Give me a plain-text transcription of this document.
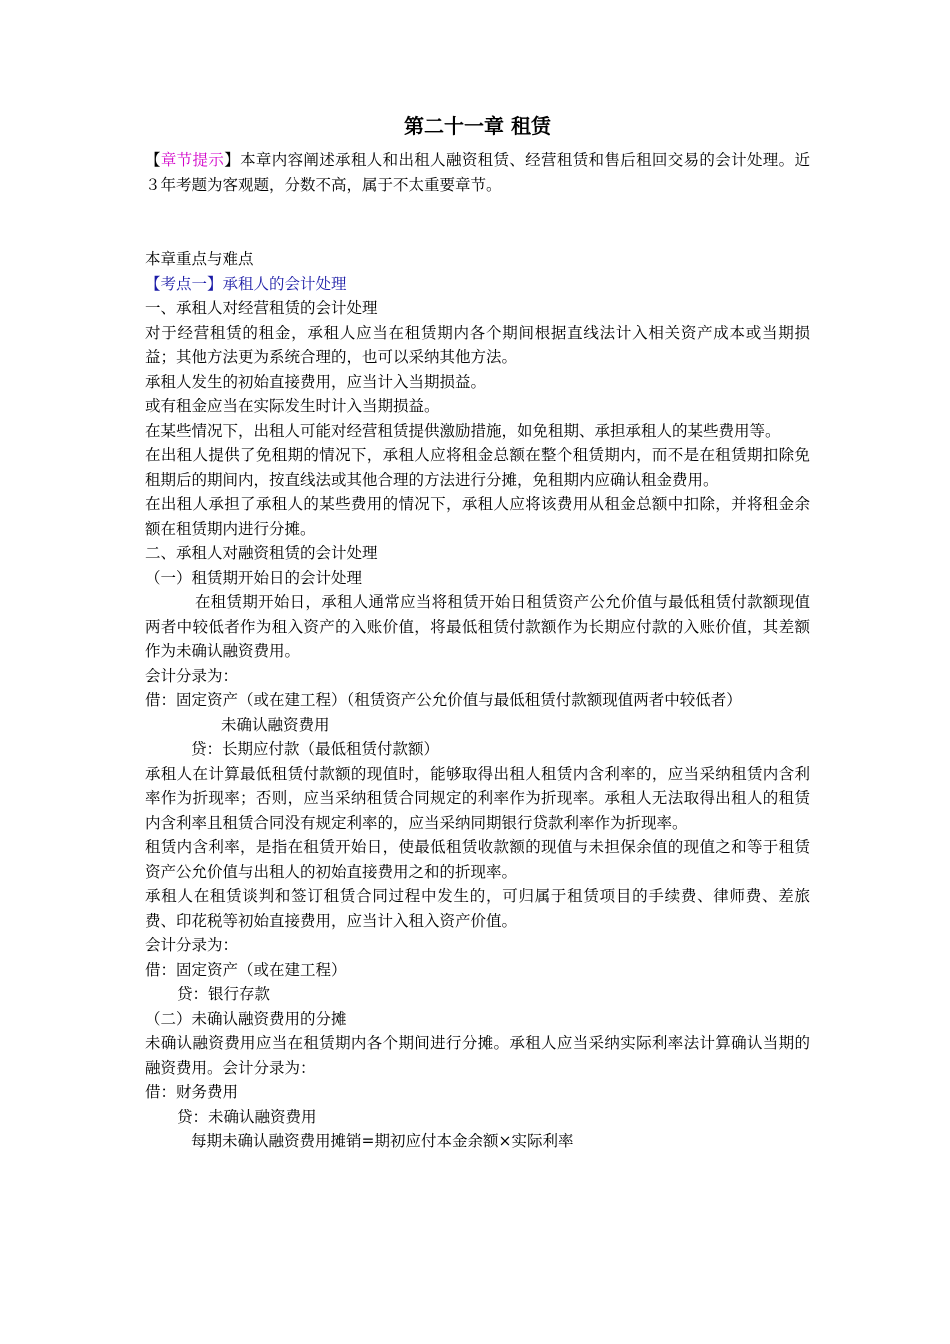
第二十一章 租赁

【章节提示】本章内容阐述承租人和出租人融资租赁、经营租赁和售后租回交易的会计处理。近３年考题为客观题，分数不高，属于不太重要章节。

本章重点与难点

【考点一】承租人的会计处理

一、承租人对经营租赁的会计处理

对于经营租赁的租金，承租人应当在租赁期内各个期间根据直线法计入相关资产成本或当期损益；其他方法更为系统合理的，也可以采纳其他方法。

承租人发生的初始直接费用，应当计入当期损益。

或有租金应当在实际发生时计入当期损益。

在某些情况下，出租人可能对经营租赁提供激励措施，如免租期、承担承租人的某些费用等。

在出租人提供了免租期的情况下，承租人应将租金总额在整个租赁期内，而不是在租赁期扣除免租期后的期间内，按直线法或其他合理的方法进行分摊，免租期内应确认租金费用。

在出租人承担了承租人的某些费用的情况下，承租人应将该费用从租金总额中扣除，并将租金余额在租赁期内进行分摊。

二、承租人对融资租赁的会计处理

（一）租赁期开始日的会计处理

在租赁期开始日，承租人通常应当将租赁开始日租赁资产公允价值与最低租赁付款额现值两者中较低者作为租入资产的入账价值，将最低租赁付款额作为长期应付款的入账价值，其差额作为未确认融资费用。

会计分录为：

借：固定资产（或在建工程）（租赁资产公允价值与最低租赁付款额现值两者中较低者）

未确认融资费用

贷：长期应付款（最低租赁付款额）

承租人在计算最低租赁付款额的现值时，能够取得出租人租赁内含利率的，应当采纳租赁内含利率作为折现率；否则，应当采纳租赁合同规定的利率作为折现率。承租人无法取得出租人的租赁内含利率且租赁合同没有规定利率的，应当采纳同期银行贷款利率作为折现率。

租赁内含利率，是指在租赁开始日，使最低租赁收款额的现值与未担保余值的现值之和等于租赁资产公允价值与出租人的初始直接费用之和的折现率。

承租人在租赁谈判和签订租赁合同过程中发生的，可归属于租赁项目的手续费、律师费、差旅费、印花税等初始直接费用，应当计入租入资产价值。

会计分录为：

借：固定资产（或在建工程）

贷：银行存款

（二）未确认融资费用的分摊

未确认融资费用应当在租赁期内各个期间进行分摊。承租人应当采纳实际利率法计算确认当期的融资费用。会计分录为：

借：财务费用

贷：未确认融资费用

每期未确认融资费用摊销=期初应付本金余额×实际利率
